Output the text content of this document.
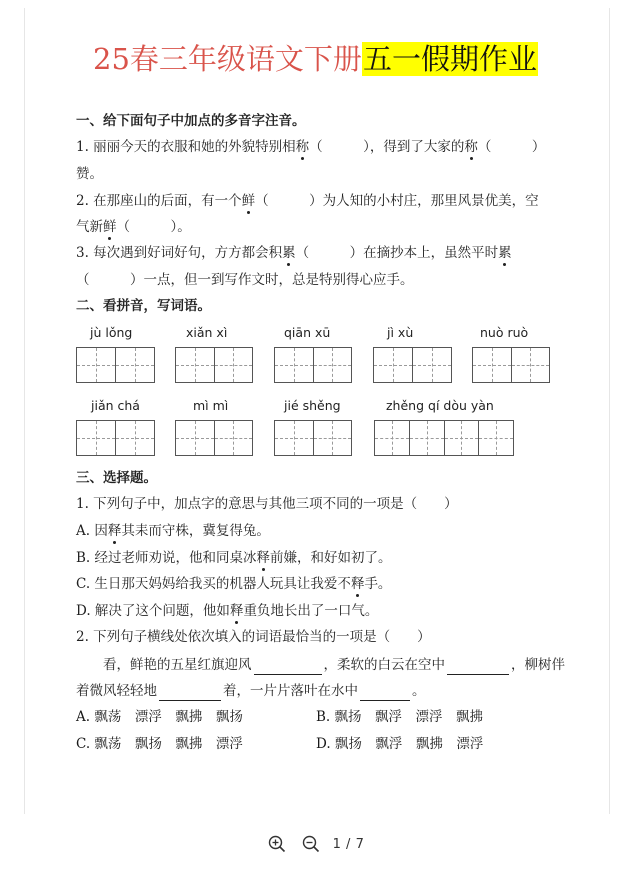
25春三年级语文下册五一假期作业
一、给下面句子中加点的多音字注音。
1. 丽丽今天的衣服和她的外貌特别相称（　　　），得到了大家的称（　　　）
赞。
2. 在那座山的后面，有一个鲜（　　　）为人知的小村庄，那里风景优美，空
气新鲜（　　　）。
3. 每次遇到好词好句，方方都会积累（　　　）在摘抄本上，虽然平时累
（　　　）一点，但一到写作文时，总是特别得心应手。
二、看拼音，写词语。
jù lǒng	xiǎn xì	qiān xū	jì xù	nuò ruò
jiǎn chá	mì mì	jié shěng	zhěng qí dòu yàn
三、选择题。
1. 下列句子中，加点字的意思与其他三项不同的一项是（　　）
A. 因释其耒而守株，冀复得兔。
B. 经过老师劝说，他和同桌冰释前嫌，和好如初了。
C. 生日那天妈妈给我买的机器人玩具让我爱不释手。
D. 解决了这个问题，他如释重负地长出了一口气。
2. 下列句子横线处依次填入的词语最恰当的一项是（　　）
看，鲜艳的五星红旗迎风	，柔软的白云在空中	，柳树伴
着微风轻轻地	着，一片片落叶在水中	。
A. 飘荡　漂浮　飘拂　飘扬	B. 飘扬　飘浮　漂浮　飘拂
C. 飘荡　飘扬　飘拂　漂浮	D. 飘扬　飘浮　飘拂　漂浮
1 / 7
